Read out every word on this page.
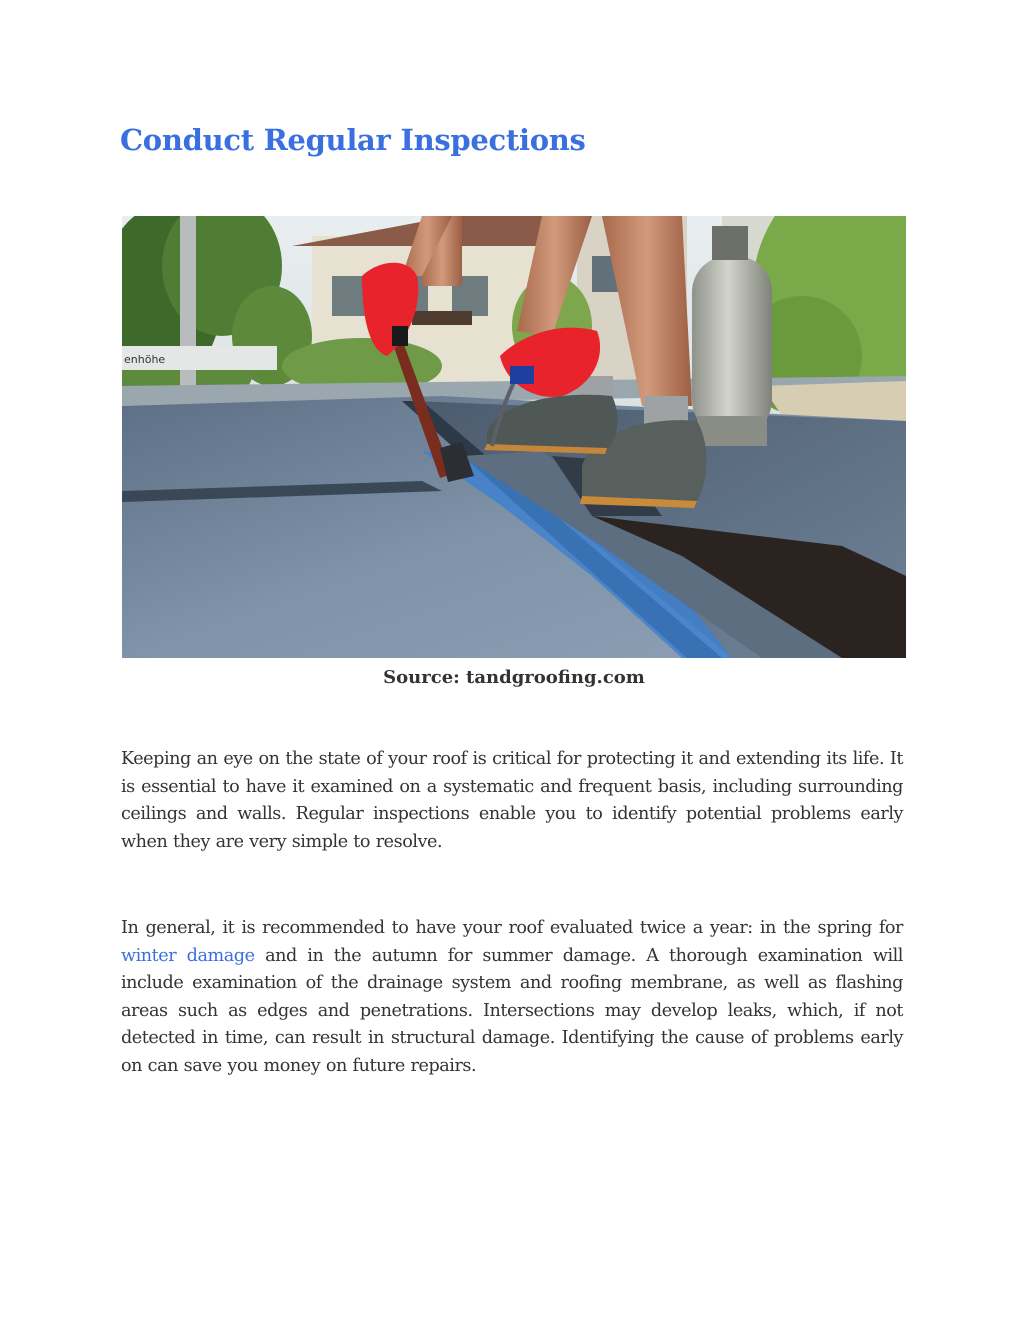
Conduct Regular Inspections
enhöhe
Source: tandgroofing.com

Keeping an eye on the state of your roof is critical for protecting it and extending its life. It is essential to have it examined on a systematic and frequent basis, including surrounding ceilings and walls. Regular inspections enable you to identify potential problems early when they are very simple to resolve.

In general, it is recommended to have your roof evaluated twice a year: in the spring for winter damage and in the autumn for summer damage. A thorough examination will include examination of the drainage system and roofing membrane, as well as flashing areas such as edges and penetrations. Intersections may develop leaks, which, if not detected in time, can result in structural damage. Identifying the cause of problems early on can save you money on future repairs.
